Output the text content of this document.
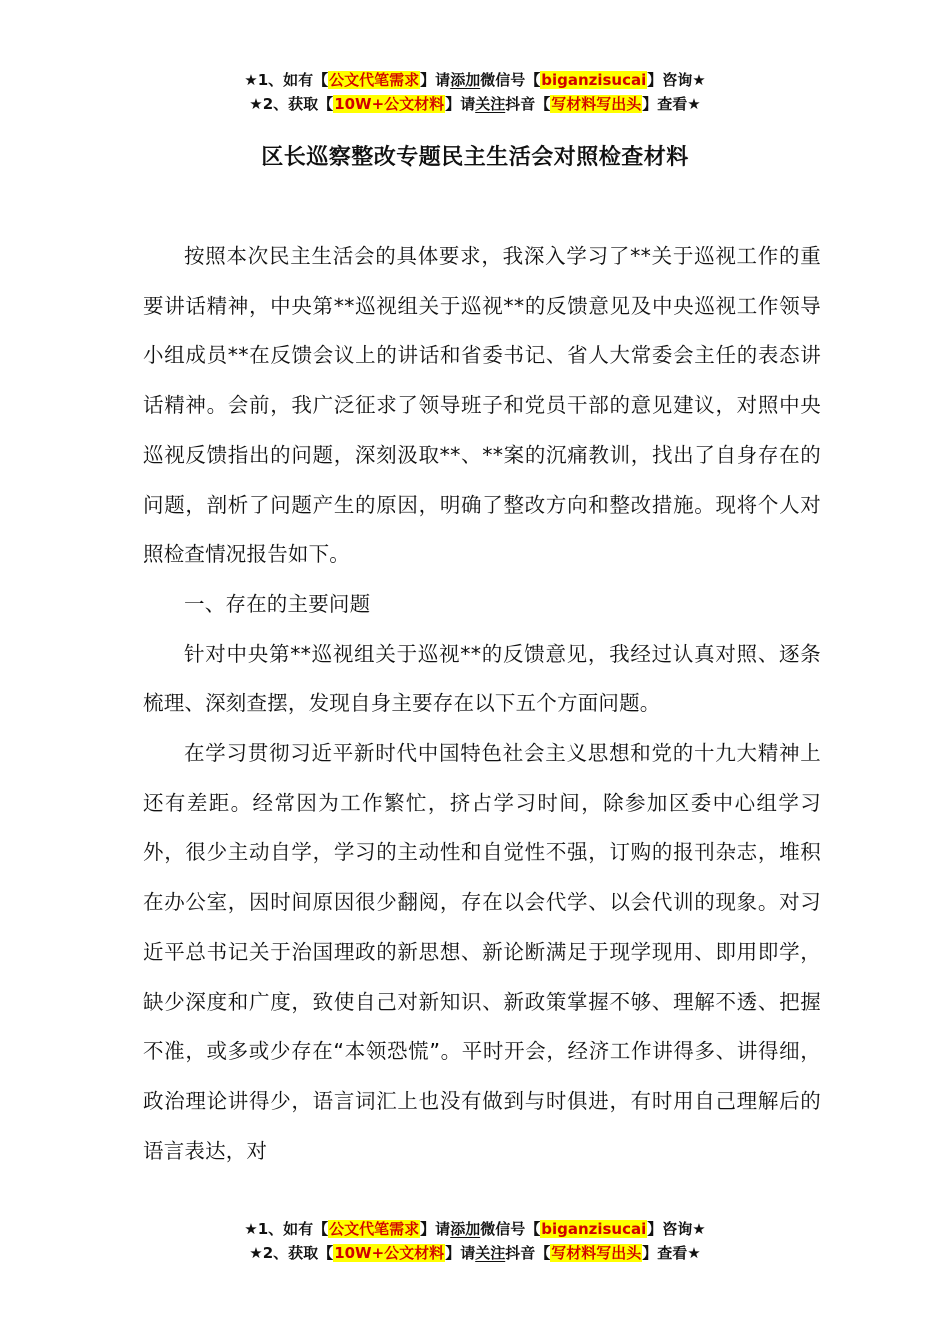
★1、如有【公文代笔需求】请添加微信号【biganzisucai】咨询★
★2、获取【10W+公文材料】请关注抖音【写材料写出头】查看★
区长巡察整改专题民主生活会对照检查材料

按照本次民主生活会的具体要求，我深入学习了**关于巡视工作的重要讲话精神，中央第**巡视组关于巡视**的反馈意见及中央巡视工作领导小组成员**在反馈会议上的讲话和省委书记、省人大常委会主任的表态讲话精神。会前，我广泛征求了领导班子和党员干部的意见建议，对照中央巡视反馈指出的问题，深刻汲取**、**案的沉痛教训，找出了自身存在的问题，剖析了问题产生的原因，明确了整改方向和整改措施。现将个人对照检查情况报告如下。

一、存在的主要问题

针对中央第**巡视组关于巡视**的反馈意见，我经过认真对照、逐条梳理、深刻查摆，发现自身主要存在以下五个方面问题。

在学习贯彻习近平新时代中国特色社会主义思想和党的十九大精神上还有差距。经常因为工作繁忙，挤占学习时间，除参加区委中心组学习外，很少主动自学，学习的主动性和自觉性不强，订购的报刊杂志，堆积在办公室，因时间原因很少翻阅，存在以会代学、以会代训的现象。对习近平总书记关于治国理政的新思想、新论断满足于现学现用、即用即学，缺少深度和广度，致使自己对新知识、新政策掌握不够、理解不透、把握不准，或多或少存在“本领恐慌”。平时开会，经济工作讲得多、讲得细，政治理论讲得少，语言词汇上也没有做到与时俱进，有时用自己理解后的语言表达，对

★1、如有【公文代笔需求】请添加微信号【biganzisucai】咨询★
★2、获取【10W+公文材料】请关注抖音【写材料写出头】查看★
